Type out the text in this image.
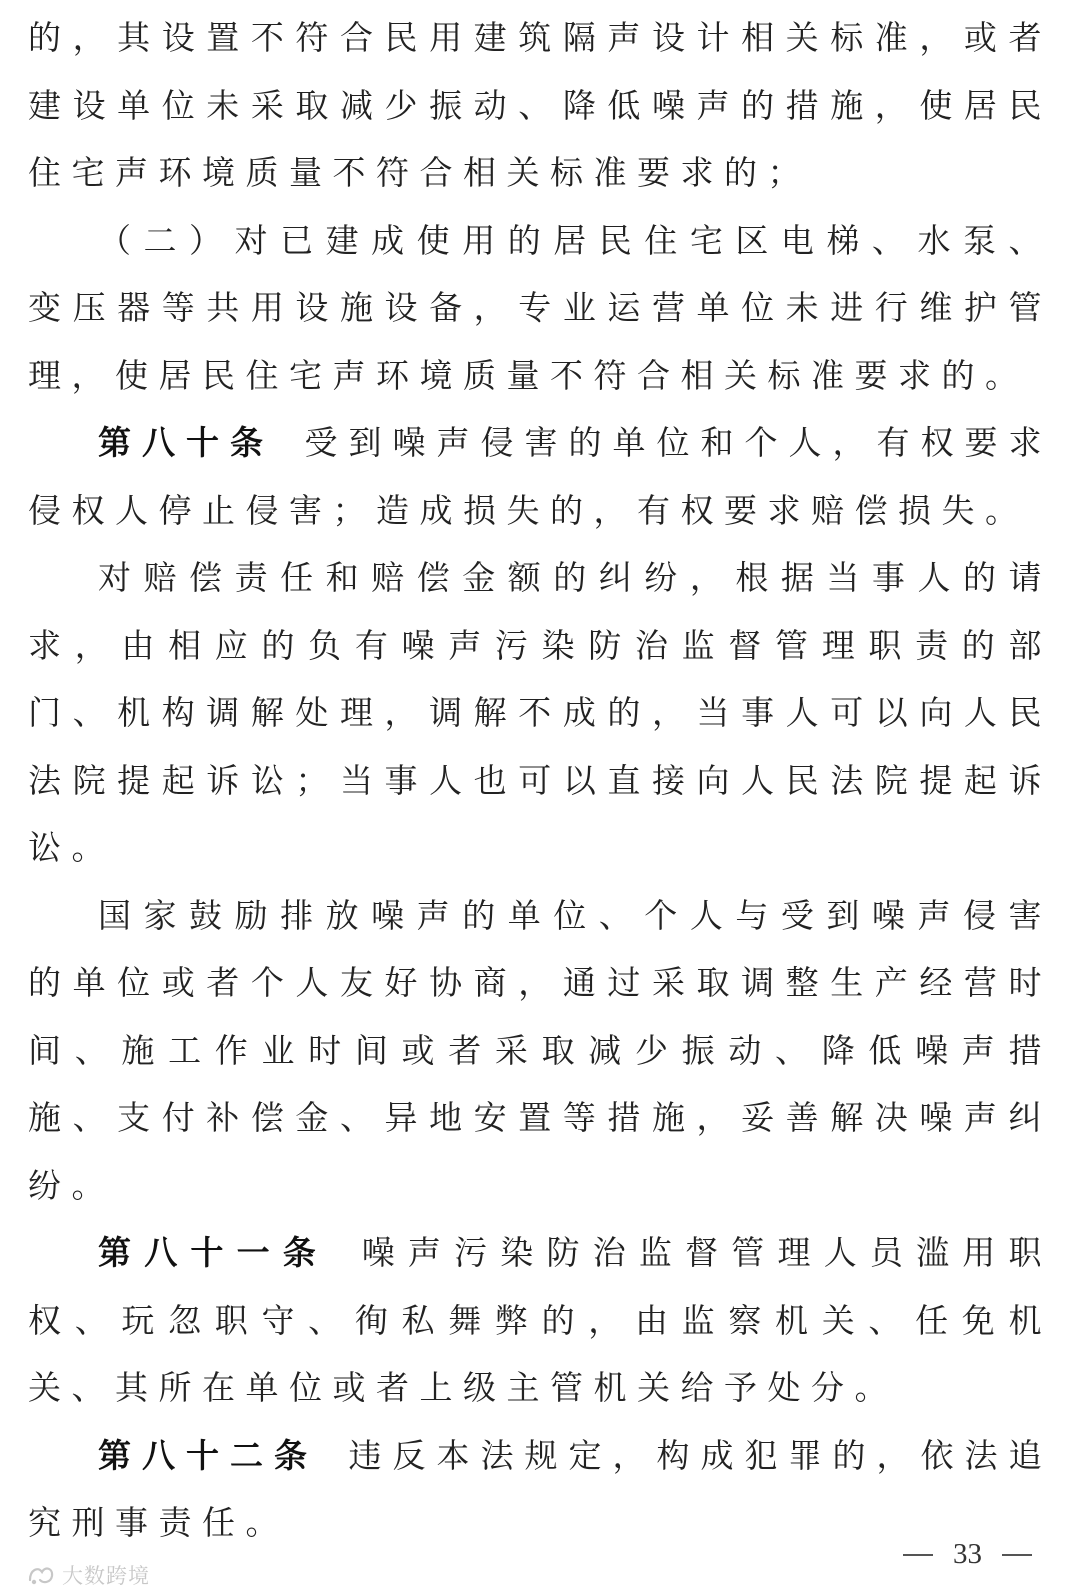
的，其设置不符合民用建筑隔声设计相关标准，或者建设单位未采取减少振动、降低噪声的措施，使居民住宅声环境质量不符合相关标准要求的；

（二）对已建成使用的居民住宅区电梯、水泵、变压器等共用设施设备，专业运营单位未进行维护管理，使居民住宅声环境质量不符合相关标准要求的。

第八十条 受到噪声侵害的单位和个人，有权要求侵权人停止侵害；造成损失的，有权要求赔偿损失。

对赔偿责任和赔偿金额的纠纷，根据当事人的请求，由相应的负有噪声污染防治监督管理职责的部门、机构调解处理，调解不成的，当事人可以向人民法院提起诉讼；当事人也可以直接向人民法院提起诉讼。

国家鼓励排放噪声的单位、个人与受到噪声侵害的单位或者个人友好协商，通过采取调整生产经营时间、施工作业时间或者采取减少振动、降低噪声措施、支付补偿金、异地安置等措施，妥善解决噪声纠纷。

第八十一条 噪声污染防治监督管理人员滥用职权、玩忽职守、徇私舞弊的，由监察机关、任免机关、其所在单位或者上级主管机关给予处分。

第八十二条 违反本法规定，构成犯罪的，依法追究刑事责任。

33
大数跨境
